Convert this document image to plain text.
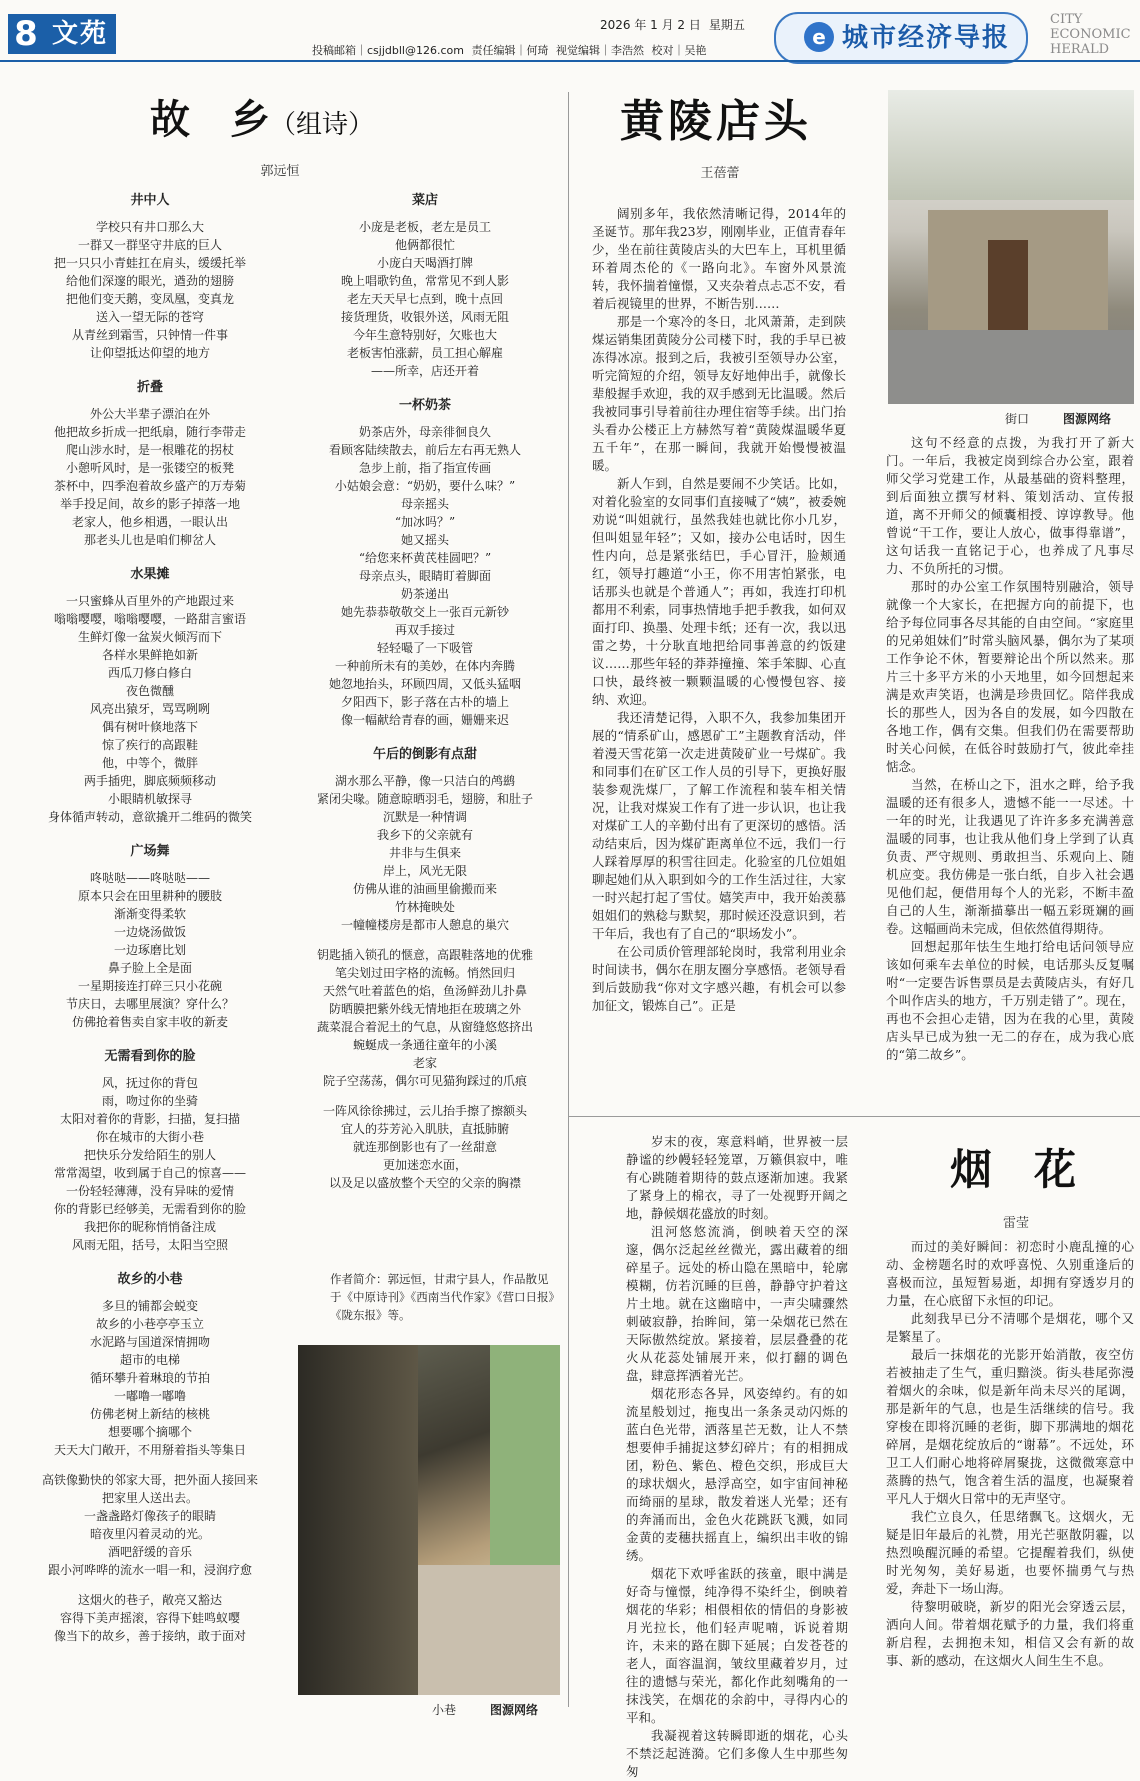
8 文苑	2026 年 1 月 2 日 星期五
投稿邮箱｜csjjdbll@126.com 责任编辑｜何琦 视觉编辑｜李浩然 校对｜吴艳
e 城市经济导报
CITY
ECONOMIC
HERALD
故　乡（组诗）
郭远恒
井中人

学校只有井口那么大

一群又一群坚守井底的巨人

把一只只小青蛙扛在肩头，缓缓托举

给他们深邃的眼光，遒劲的翅膀

把他们变天鹅，变凤凰，变真龙

送入一望无际的苍穹

从青丝到霜雪，只钟情一件事

让仰望抵达仰望的地方

折叠

外公大半辈子漂泊在外

他把故乡折成一把纸扇，随行李带走

爬山涉水时，是一根雕花的拐杖

小憩听风时，是一张镂空的板凳

茶杯中，四季泡着故乡盛产的万寿菊

举手投足间，故乡的影子掉落一地

老家人，他乡相遇，一眼认出

那老头儿也是咱们柳岔人

水果摊

一只蜜蜂从百里外的产地跟过来

嗡嗡嘤嘤，嗡嗡嘤嘤，一路甜言蜜语

生鲜灯像一盆炭火倾泻而下

各样水果鲜艳如新

西瓜刀修白修白

夜色微醺

风亮出猿牙，骂骂咧咧

偶有树叶倏地落下

惊了疾行的高跟鞋

他，中等个，微胖

两手插兜，脚底频频移动

小眼睛机敏探寻

身体循声转动，意欲撬开二维码的微笑

广场舞

咚哒哒——咚哒哒——

原本只会在田里耕种的腰肢

渐渐变得柔软

一边烧汤做饭

一边琢磨比划

鼻子脸上全是面

一星期接连打碎三只小花碗

节庆日，去哪里展演？穿什么？

仿佛抢着售卖自家丰收的新麦

无需看到你的脸

风，抚过你的背包

雨，吻过你的坐骑

太阳对着你的背影，扫描，复扫描

你在城市的大街小巷

把快乐分发给陌生的别人

常常渴望，收到属于自己的惊喜——

一份轻轻薄薄，没有异味的爱情

你的背影已经够美，无需看到你的脸

我把你的昵称悄悄备注成

风雨无阻，括号，太阳当空照

故乡的小巷

多旦的铺都会蜕变

故乡的小巷亭亭玉立

水泥路与国道深情拥吻

超市的电梯

循环攀升着琳琅的节拍

一嘟噜一嘟噜

仿佛老树上新结的核桃

想要哪个摘哪个

天天大门敞开，不用掰着指头等集日

高铁像勤快的邻家大哥，把外面人接回来

把家里人送出去。

一盏盏路灯像孩子的眼睛

暗夜里闪着灵动的光。

酒吧舒缓的音乐

跟小河哗哗的流水一唱一和，浸润疗愈

这烟火的巷子，敞亮又豁达

容得下美声摇滚，容得下蛙鸣蚁嘤

像当下的故乡，善于接纳，敢于面对

菜店

小庞是老板，老左是员工

他俩都很忙

小庞白天喝酒打牌

晚上唱歌钓鱼，常常见不到人影

老左天天早七点到，晚十点回

接货理货，收银外送，风雨无阻

今年生意特别好，欠账也大

老板害怕涨薪，员工担心解雇

——所幸，店还开着

一杯奶茶

奶茶店外，母亲徘徊良久

看顾客陆续散去，前后左右再无熟人

急步上前，指了指宣传画

小姑娘会意：“奶奶，要什么味？”

母亲摇头

“加冰吗？”

她又摇头

“给您来杯黄芪桂圆吧？”

母亲点头，眼睛盯着脚面

奶茶递出

她先恭恭敬敬交上一张百元新钞

再双手接过

轻轻嘬了一下吸管

一种前所未有的美妙，在体内奔腾

她忽地抬头，环顾四周，又低头猛咽

夕阳西下，影子落在古朴的墙上

像一幅献给青春的画，姗姗来迟

午后的倒影有点甜

湖水那么平静，像一只洁白的鸬鹚

紧闭尖喙。随意晾晒羽毛，翅膀，和肚子

沉默是一种情调

我乡下的父亲就有

井非与生俱来

岸上，风光无限

仿佛从谁的油画里偷搬而来

竹林掩映处

一幢幢楼房是都市人憩息的巢穴

钥匙插入锁孔的惬意，高跟鞋落地的优雅

笔尖划过田字格的流畅。悄然回归

天然气吐着蓝色的焰，鱼汤鲜劲儿扑鼻

防晒膜把紫外线无情地拒在玻璃之外

蔬菜混合着泥土的气息，从窗缝悠悠挤出

蜿蜒成一条通往童年的小溪

老家

院子空荡荡，偶尔可见猫狗踩过的爪痕

一阵风徐徐拂过，云儿抬手擦了擦额头

宜人的芬芳沁入肌肤，直抵肺腑

就连那倒影也有了一丝甜意

更加迷恋水面，

以及足以盛放整个天空的父亲的胸襟

作者简介：郭远恒，甘肃宁县人，作品散见于《中原诗刊》《西南当代作家》《营口日报》《陇东报》等。
小巷	图源网络
黄陵店头
王蓓蕾
街口	图源网络

阔别多年，我依然清晰记得，2014年的圣诞节。那年我23岁，刚刚毕业，正值青春年少，坐在前往黄陵店头的大巴车上，耳机里循环着周杰伦的《一路向北》。车窗外风景流转，我怀揣着憧憬，又夹杂着点忐忑不安，看着后视镜里的世界，不断告别……

那是一个寒冷的冬日，北风萧萧，走到陕煤运销集团黄陵分公司楼下时，我的手早已被冻得冰凉。报到之后，我被引至领导办公室，听完简短的介绍，领导友好地伸出手，就像长辈般握手欢迎，我的双手感到无比温暖。然后我被同事引导着前往办理住宿等手续。出门抬头看办公楼正上方赫然写着“黄陵煤温暖华夏五千年”，在那一瞬间，我就开始慢慢被温暖。

新人乍到，自然是要闹不少笑话。比如，对着化验室的女同事们直接喊了“姨”，被委婉劝说“叫姐就行，虽然我娃也就比你小几岁，但叫姐显年轻”；又如，接办公电话时，因生性内向，总是紧张结巴，手心冒汗，脸颊通红，领导打趣道“小王，你不用害怕紧张，电话那头也就是个普通人”；再如，我连打印机都用不利索，同事热情地手把手教我，如何双面打印、换墨、处理卡纸；还有一次，我以迅雷之势，十分耿直地把给同事善意的约饭建议……那些年轻的莽莽撞撞、笨手笨脚、心直口快，最终被一颗颗温暖的心慢慢包容、接纳、欢迎。

我还清楚记得，入职不久，我参加集团开展的“情系矿山，感恩矿工”主题教育活动，伴着漫天雪花第一次走进黄陵矿业一号煤矿。我和同事们在矿区工作人员的引导下，更换好服装参观洗煤厂，了解工作流程和装车相关情况，让我对煤炭工作有了进一步认识，也让我对煤矿工人的辛勤付出有了更深切的感悟。活动结束后，因为煤矿距离单位不远，我们一行人踩着厚厚的积雪往回走。化验室的几位姐姐聊起她们从入职到如今的工作生活过往，大家一时兴起打起了雪仗。嬉笑声中，我开始羡慕姐姐们的熟稔与默契，那时候还没意识到，若干年后，我也有了自己的“职场发小”。

在公司质价管理部轮岗时，我常利用业余时间读书，偶尔在朋友圈分享感悟。老领导看到后鼓励我“你对文字感兴趣，有机会可以参加征文，锻炼自己”。正是

这句不经意的点拨，为我打开了新大门。一年后，我被定岗到综合办公室，跟着师父学习党建工作，从最基础的资料整理，到后面独立撰写材料、策划活动、宣传报道，离不开师父的倾囊相授、谆谆教导。他曾说“干工作，要让人放心，做事得靠谱”，这句话我一直铭记于心，也养成了凡事尽力、不负所托的习惯。

那时的办公室工作氛围特别融洽，领导就像一个大家长，在把握方向的前提下，也给予每位同事各尽其能的自由空间。“家庭里的兄弟姐妹们”时常头脑风暴，偶尔为了某项工作争论不休，暂要辩论出个所以然来。那片三十多平方米的小天地里，如今回想起来满是欢声笑语，也满是珍贵回忆。陪伴我成长的那些人，因为各自的发展，如今四散在各地工作，偶有交集。但我们仍在需要帮助时关心问候，在低谷时鼓励打气，彼此牵挂惦念。

当然，在桥山之下，沮水之畔，给予我温暖的还有很多人，遗憾不能一一尽述。十一年的时光，让我遇见了许许多多充满善意温暖的同事，也让我从他们身上学到了认真负责、严守规则、勇敢担当、乐观向上、随机应变。我仿佛是一张白纸，自步入社会遇见他们起，便借用每个人的光彩，不断丰盈自己的人生，渐渐描摹出一幅五彩斑斓的画卷。这幅画尚未完成，但依然值得期待。

回想起那年怯生生地打给电话问领导应该如何乘车去单位的时候，电话那头反复嘱咐“一定要告诉售票员是去黄陵店头，有好几个叫作店头的地方，千万别走错了”。现在，再也不会担心走错，因为在我的心里，黄陵店头早已成为独一无二的存在，成为我心底的“第二故乡”。

烟　花
雷莹

岁末的夜，寒意料峭，世界被一层静谧的纱幔轻轻笼罩，万籁俱寂中，唯有心跳随着期待的鼓点逐渐加速。我紧了紧身上的棉衣，寻了一处视野开阔之地，静候烟花盛放的时刻。

沮河悠悠流淌，倒映着天空的深邃，偶尔泛起丝丝微光，露出藏着的细碎星子。远处的桥山隐在黑暗中，轮廓模糊，仿若沉睡的巨兽，静静守护着这片土地。就在这幽暗中，一声尖啸骤然刺破寂静，抬眸间，第一朵烟花已然在天际傲然绽放。紧接着，层层叠叠的花火从花蕊处铺展开来，似打翻的调色盘，肆意挥洒着光芒。

烟花形态各异，风姿绰约。有的如流星般划过，拖曳出一条条灵动闪烁的蓝白色光带，洒落星芒无数，让人不禁想要伸手捕捉这梦幻碎片；有的相拥成团，粉色、紫色、橙色交织，形成巨大的球状烟火，悬浮高空，如宇宙间神秘而绮丽的星球，散发着迷人光晕；还有的奔涌而出，金色火花跳跃飞溅，如同金黄的麦穗扶摇直上，编织出丰收的锦绣。

烟花下欢呼雀跃的孩童，眼中满是好奇与憧憬，纯净得不染纤尘，倒映着烟花的华彩；相偎相依的情侣的身影被月光拉长，他们轻声呢喃，诉说着期许，未来的路在脚下延展；白发苍苍的老人，面容温润，皱纹里藏着岁月，过往的遗憾与荣光，都化作此刻嘴角的一抹浅笑，在烟花的余韵中，寻得内心的平和。

我凝视着这转瞬即逝的烟花，心头不禁泛起涟漪。它们多像人生中那些匆匆

而过的美好瞬间：初恋时小鹿乱撞的心动、金榜题名时的欢呼喜悦、久别重逢后的喜极而泣，虽短暂易逝，却拥有穿透岁月的力量，在心底留下永恒的印记。

此刻我早已分不清哪个是烟花，哪个又是繁星了。

最后一抹烟花的光影开始消散，夜空仿若被抽走了生气，重归黯淡。街头巷尾弥漫着烟火的余味，似是新年尚未尽兴的尾调，那是新年的气息，也是生活继续的信号。我穿梭在即将沉睡的老街，脚下那满地的烟花碎屑，是烟花绽放后的“谢幕”。不远处，环卫工人们耐心地将碎屑聚拢，这微微寒意中蒸腾的热气，饱含着生活的温度，也凝聚着平凡人于烟火日常中的无声坚守。

我伫立良久，任思绪飘飞。这烟火，无疑是旧年最后的礼赞，用光芒驱散阴霾，以热烈唤醒沉睡的希望。它提醒着我们，纵使时光匆匆，美好易逝，也要怀揣勇气与热爱，奔赴下一场山海。

待黎明破晓，新岁的阳光会穿透云层，洒向人间。带着烟花赋予的力量，我们将重新启程，去拥抱未知，相信又会有新的故事、新的感动，在这烟火人间生生不息。
